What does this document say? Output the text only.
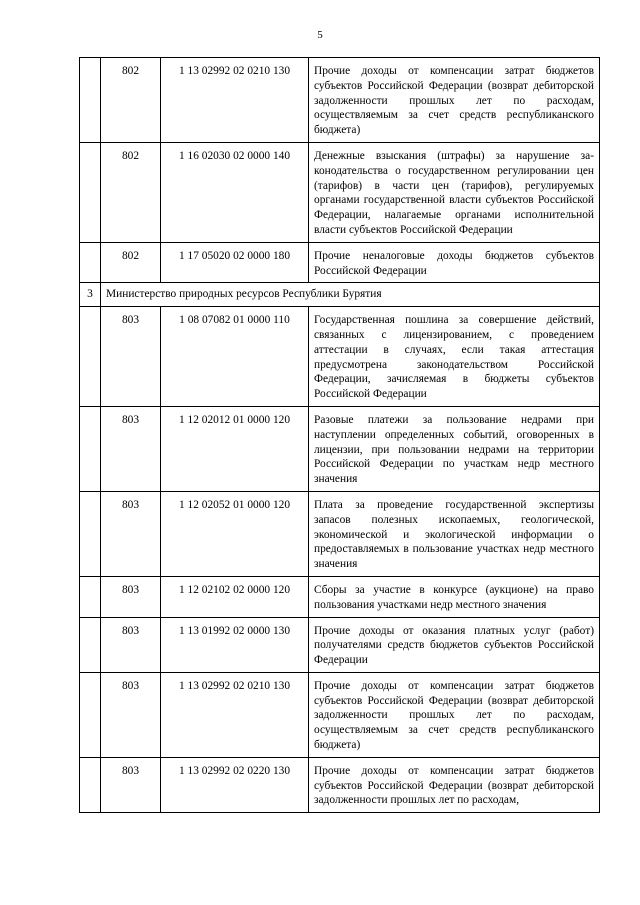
5
	802	1 13 02992 02 0210 130	Прочие доходы от компенсации затрат бюджетов субъектов Российской Федерации (возврат дебиторской задолженности прошлых лет по расходам, осуществляемым за счет средств республиканского бюджета)
	802	1 16 02030 02 0000 140	Денежные взыскания (штрафы) за нарушение законодательства о государственном регулировании цен (тарифов) в части цен (тарифов), регулируемых органами государственной власти субъектов Российской Федерации, налагаемые органами исполнительной власти субъектов Российской Федерации
	802	1 17 05020 02 0000 180	Прочие неналоговые доходы бюджетов субъектов Российской Федерации
3	Министерство природных ресурсов Республики Бурятия		
	803	1 08 07082 01 0000 110	Государственная пошлина за совершение действий, связанных с лицензированием, с проведением аттестации в случаях, если такая аттестация предусмотрена законодательством Российской Федерации, зачисляемая в бюджеты субъектов Российской Федерации
	803	1 12 02012 01 0000 120	Разовые платежи за пользование недрами при наступлении определенных событий, оговоренных в лицензии, при пользовании недрами на территории Российской Федерации по участкам недр местного значения
	803	1 12 02052 01 0000 120	Плата за проведение государственной экспертизы запасов полезных ископаемых, геологической, экономической и экологической информации о предоставляемых в пользование участках недр местного значения
	803	1 12 02102 02 0000 120	Сборы за участие в конкурсе (аукционе) на право пользования участками недр местного значения
	803	1 13 01992 02 0000 130	Прочие доходы от оказания платных услуг (работ) получателями средств бюджетов субъектов Российской Федерации
	803	1 13 02992 02 0210 130	Прочие доходы от компенсации затрат бюджетов субъектов Российской Федерации (возврат дебиторской задолженности прошлых лет по расходам, осуществляемым за счет средств республиканского бюджета)
	803	1 13 02992 02 0220 130	Прочие доходы от компенсации затрат бюджетов субъектов Российской Федерации (возврат дебиторской задолженности прошлых лет по расходам,
